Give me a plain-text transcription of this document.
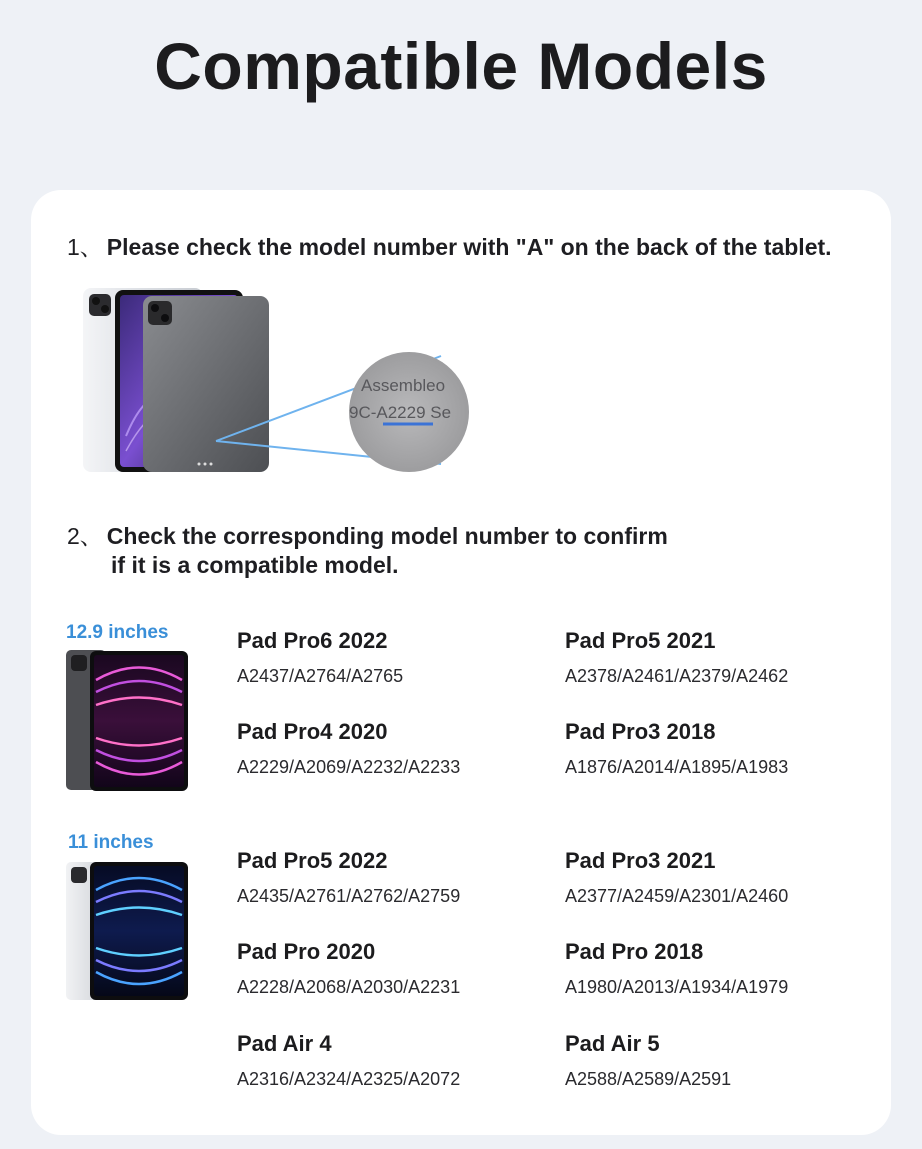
Compatible Models
1、 Please check the model number with "A" on the back of the tablet.
Assembleo
9C-A2229 Se
2、 Check the corresponding model number to confirm
if it is a compatible model.
12.9 inches	Pad Pro6 2022
A2437/A2764/A2765
Pad Pro5 2021
A2378/A2461/A2379/A2462
Pad Pro4 2020
A2229/A2069/A2232/A2233
Pad Pro3 2018
A1876/A2014/A1895/A1983
11 inches
Pad Pro5 2022
A2435/A2761/A2762/A2759
Pad Pro3 2021
A2377/A2459/A2301/A2460
Pad Pro 2020
A2228/A2068/A2030/A2231
Pad Pro 2018
A1980/A2013/A1934/A1979
Pad Air 4
A2316/A2324/A2325/A2072
Pad Air 5
A2588/A2589/A2591
